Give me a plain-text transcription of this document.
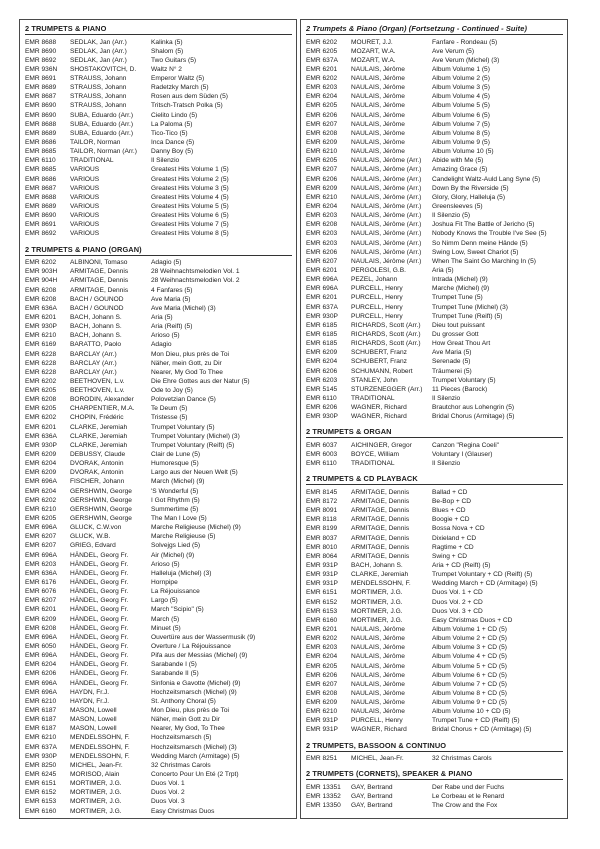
2 TRUMPETS & PIANO
EMR 8688	SEDLAK, Jan (Arr.)	Kalinka (5)
EMR 8690	SEDLAK, Jan (Arr.)	Shalom (5)
EMR 8692	SEDLAK, Jan (Arr.)	Two Guitars (5)
EMR 936N	SHOSTAKOVITCH, D.	Waltz N° 2
EMR 8691	STRAUSS, Johann	Emperor Waltz (5)
EMR 8689	STRAUSS, Johann	Radetzky March (5)
EMR 8687	STRAUSS, Johann	Rosen aus dem Süden (5)
EMR 8690	STRAUSS, Johann	Tritsch-Tratsch Polka (5)
EMR 8690	SUBA, Eduardo (Arr.)	Cielito Lindo (5)
EMR 8688	SUBA, Eduardo (Arr.)	La Paloma (5)
EMR 8689	SUBA, Eduardo (Arr.)	Tico-Tico (5)
EMR 8686	TAILOR, Norman	Inca Dance (5)
EMR 8685	TAILOR, Norman (Arr.)	Danny Boy (5)
EMR 6110	TRADITIONAL	Il Silenzio
EMR 8685	VARIOUS	Greatest Hits Volume 1 (5)
EMR 8686	VARIOUS	Greatest Hits Volume 2 (5)
EMR 8687	VARIOUS	Greatest Hits Volume 3 (5)
EMR 8688	VARIOUS	Greatest Hits Volume 4 (5)
EMR 8689	VARIOUS	Greatest Hits Volume 5 (5)
EMR 8690	VARIOUS	Greatest Hits Volume 6 (5)
EMR 8691	VARIOUS	Greatest Hits Volume 7 (5)
EMR 8692	VARIOUS	Greatest Hits Volume 8 (5)
2 TRUMPETS & PIANO (ORGAN)
EMR 6202	ALBINONI, Tomaso	Adagio (5)
EMR 903H	ARMITAGE, Dennis	28 Weihnachtsmelodien Vol. 1
EMR 904H	ARMITAGE, Dennis	28 Weihnachtsmelodien Vol. 2
EMR 6208	ARMITAGE, Dennis	4 Fanfares (5)
EMR 6208	BACH / GOUNOD	Ave Maria (5)
EMR 636A	BACH / GOUNOD	Ave Maria (Michel) (3)
EMR 6201	BACH, Johann S.	Aria (5)
EMR 930P	BACH, Johann S.	Aria (Reift) (5)
EMR 6210	BACH, Johann S.	Arioso (5)
EMR 6169	BARATTO, Paolo	Adagio
EMR 6228	BARCLAY (Arr.)	Mon Dieu, plus près de Toi
EMR 6228	BARCLAY (Arr.)	Näher, mein Gott, zu Dir
EMR 6228	BARCLAY (Arr.)	Nearer, My God To Thee
EMR 6202	BEETHOVEN, L.v.	Die Ehre Gottes aus der Natur (5)
EMR 6205	BEETHOVEN, L.v.	Ode to Joy (5)
EMR 6208	BORODIN, Alexander	Polovetzian Dance (5)
EMR 6205	CHARPENTIER, M.A.	Te Deum (5)
EMR 6202	CHOPIN, Frédéric	Tristesse (5)
EMR 6201	CLARKE, Jeremiah	Trumpet Voluntary (5)
EMR 636A	CLARKE, Jeremiah	Trumpet Voluntary (Michel) (3)
EMR 930P	CLARKE, Jeremiah	Trumpet Voluntary (Reift) (5)
EMR 6209	DEBUSSY, Claude	Clair de Lune (5)
EMR 6204	DVORAK, Antonin	Humoresque (5)
EMR 6209	DVORAK, Antonin	Largo aus der Neuen Welt (5)
EMR 696A	FISCHER, Johann	March (Michel) (9)
EMR 6204	GERSHWIN, George	'S Wonderful (5)
EMR 6202	GERSHWIN, George	I Got Rhythm (5)
EMR 6210	GERSHWIN, George	Summertime (5)
EMR 6205	GERSHWIN, George	The Man I Love (5)
EMR 696A	GLUCK, C.W.von	Marche Religieuse (Michel) (9)
EMR 6207	GLUCK, W.B.	Marche Religieuse (5)
EMR 6207	GRIEG, Edvard	Solvejgs Lied (5)
EMR 696A	HÄNDEL, Georg Fr.	Air (Michel) (9)
EMR 6203	HÄNDEL, Georg Fr.	Arioso (5)
EMR 636A	HÄNDEL, Georg Fr.	Halleluja (Michel) (3)
EMR 6176	HÄNDEL, Georg Fr.	Hornpipe
EMR 6076	HÄNDEL, Georg Fr.	La Réjouissance
EMR 6207	HÄNDEL, Georg Fr.	Largo (5)
EMR 6201	HÄNDEL, Georg Fr.	March "Scipio" (5)
EMR 6209	HÄNDEL, Georg Fr.	March (5)
EMR 6208	HÄNDEL, Georg Fr.	Minuet (5)
EMR 696A	HÄNDEL, Georg Fr.	Ouvertüre aus der Wassermusik (9)
EMR 6050	HÄNDEL, Georg Fr.	Overture / La Réjouissance
EMR 696A	HÄNDEL, Georg Fr.	Pifa aus der Messias (Michel) (9)
EMR 6204	HÄNDEL, Georg Fr.	Sarabande I (5)
EMR 6206	HÄNDEL, Georg Fr.	Sarabande II (5)
EMR 696A	HÄNDEL, Georg Fr.	Sinfonia e Gavotte (Michel) (9)
EMR 696A	HAYDN, Fr.J.	Hochzeitsmarsch (Michel) (9)
EMR 6210	HAYDN, Fr.J.	St. Anthony Choral (5)
EMR 6187	MASON, Lowell	Mon Dieu, plus près de Toi
EMR 6187	MASON, Lowell	Näher, mein Gott zu Dir
EMR 6187	MASON, Lowell	Nearer, My God, To Thee
EMR 6210	MENDELSSOHN, F.	Hochzeitsmarsch (5)
EMR 637A	MENDELSSOHN, F.	Hochzeitsmarsch (Michel) (3)
EMR 930P	MENDELSSOHN, F.	Wedding March (Armitage) (5)
EMR 8250	MICHEL, Jean-Fr.	32 Christmas Carols
EMR 6245	MORISOD, Alain	Concerto Pour Un Eté (2 Trpt)
EMR 6151	MORTIMER, J.G.	Duos Vol. 1
EMR 6152	MORTIMER, J.G.	Duos Vol. 2
EMR 6153	MORTIMER, J.G.	Duos Vol. 3
EMR 6160	MORTIMER, J.G.	Easy Christmas Duos
2 Trumpets & Piano (Organ) (Fortsetzung - Continued - Suite)
EMR 6202	MOURET, J.J.	Fanfare - Rondeau (5)
EMR 6205	MOZART, W.A.	Ave Verum (5)
EMR 637A	MOZART, W.A.	Ave Verum (Michel) (3)
EMR 6201	NAULAIS, Jérôme	Album Volume 1 (5)
EMR 6202	NAULAIS, Jérôme	Album Volume 2 (5)
EMR 6203	NAULAIS, Jérôme	Album Volume 3 (5)
EMR 6204	NAULAIS, Jérôme	Album Volume 4 (5)
EMR 6205	NAULAIS, Jérôme	Album Volume 5 (5)
EMR 6206	NAULAIS, Jérôme	Album Volume 6 (5)
EMR 6207	NAULAIS, Jérôme	Album Volume 7 (5)
EMR 6208	NAULAIS, Jérôme	Album Volume 8 (5)
EMR 6209	NAULAIS, Jérôme	Album Volume 9 (5)
EMR 6210	NAULAIS, Jérôme	Album Volume 10 (5)
EMR 6205	NAULAIS, Jérôme (Arr.)	Abide with Me (5)
EMR 6207	NAULAIS, Jérôme (Arr.)	Amazing Grace (5)
EMR 6206	NAULAIS, Jérôme (Arr.)	Candelight Waltz-Auld Lang Syne (5)
EMR 6209	NAULAIS, Jérôme (Arr.)	Down By the Riverside (5)
EMR 6210	NAULAIS, Jérôme (Arr.)	Glory, Glory, Halleluja (5)
EMR 6204	NAULAIS, Jérôme (Arr.)	Greensleeves (5)
EMR 6203	NAULAIS, Jérôme (Arr.)	Il Silenzio (5)
EMR 6208	NAULAIS, Jérôme (Arr.)	Joshua Fit The Battle of Jericho (5)
EMR 6203	NAULAIS, Jérôme (Arr.)	Nobody Knows the Trouble I've See (5)
EMR 6203	NAULAIS, Jérôme (Arr.)	So Nimm Denn meine Hände (5)
EMR 6206	NAULAIS, Jérôme (Arr.)	Swing Low, Sweet Chariot (5)
EMR 6207	NAULAIS, Jérôme (Arr.)	When The Saint Go Marching In (5)
EMR 6201	PERGOLESI, G.B.	Aria (5)
EMR 696A	PEZEL, Johann	Intrada (Michel) (9)
EMR 696A	PURCELL, Henry	Marche (Michel) (9)
EMR 6201	PURCELL, Henry	Trumpet Tune (5)
EMR 637A	PURCELL, Henry	Trumpet Tune (Michel) (3)
EMR 930P	PURCELL, Henry	Trumpet Tune (Reift) (5)
EMR 6185	RICHARDS, Scott (Arr.)	Dieu tout puissant
EMR 6185	RICHARDS, Scott (Arr.)	Du grosser Gott
EMR 6185	RICHARDS, Scott (Arr.)	How Great Thou Art
EMR 6209	SCHUBERT, Franz	Ave Maria (5)
EMR 6204	SCHUBERT, Franz	Serenade (5)
EMR 6206	SCHUMANN, Robert	Träumerei (5)
EMR 6203	STANLEY, John	Trumpet Voluntary (5)
EMR 5145	STURZENEGGER (Arr.)	11 Pieces (Barock)
EMR 6110	TRADITIONAL	Il Silenzio
EMR 6206	WAGNER, Richard	Brautchor aus Lohengrin (5)
EMR 930P	WAGNER, Richard	Bridal Chorus (Armitage) (5)
2 TRUMPETS & ORGAN
EMR 6037	AICHINGER, Gregor	Canzon "Regina Coeli"
EMR 6003	BOYCE, William	Voluntary I (Glauser)
EMR 6110	TRADITIONAL	Il Silenzio
2 TRUMPETS & CD PLAYBACK
EMR 8145	ARMITAGE, Dennis	Ballad + CD
EMR 8172	ARMITAGE, Dennis	Be-Bop + CD
EMR 8091	ARMITAGE, Dennis	Blues + CD
EMR 8118	ARMITAGE, Dennis	Boogie + CD
EMR 8199	ARMITAGE, Dennis	Bossa Nova + CD
EMR 8037	ARMITAGE, Dennis	Dixieland + CD
EMR 8010	ARMITAGE, Dennis	Ragtime + CD
EMR 8064	ARMITAGE, Dennis	Swing + CD
EMR 931P	BACH, Johann S.	Aria + CD (Reift) (5)
EMR 931P	CLARKE, Jeremiah	Trumpet Voluntary + CD (Reift) (5)
EMR 931P	MENDELSSOHN, F.	Wedding March + CD (Armitage) (5)
EMR 6151	MORTIMER, J.G.	Duos Vol. 1 + CD
EMR 6152	MORTIMER, J.G.	Duos Vol. 2 + CD
EMR 6153	MORTIMER, J.G.	Duos Vol. 3 + CD
EMR 6160	MORTIMER, J.G.	Easy Christmas Duos + CD
EMR 6201	NAULAIS, Jérôme	Album Volume 1 + CD (5)
EMR 6202	NAULAIS, Jérôme	Album Volume 2 + CD (5)
EMR 6203	NAULAIS, Jérôme	Album Volume 3 + CD (5)
EMR 6204	NAULAIS, Jérôme	Album Volume 4 + CD (5)
EMR 6205	NAULAIS, Jérôme	Album Volume 5 + CD (5)
EMR 6206	NAULAIS, Jérôme	Album Volume 6 + CD (5)
EMR 6207	NAULAIS, Jérôme	Album Volume 7 + CD (5)
EMR 6208	NAULAIS, Jérôme	Album Volume 8 + CD (5)
EMR 6209	NAULAIS, Jérôme	Album Volume 9 + CD (5)
EMR 6210	NAULAIS, Jérôme	Album Volume 10 + CD (5)
EMR 931P	PURCELL, Henry	Trumpet Tune + CD (Reift) (5)
EMR 931P	WAGNER, Richard	Bridal Chorus + CD (Armitage) (5)
2 TRUMPETS, BASSOON & CONTINUO
EMR 8251	MICHEL, Jean-Fr.	32 Christmas Carols
2 TRUMPETS (CORNETS), SPEAKER & PIANO
EMR 13351	GAY, Bertrand	Der Rabe und der Fuchs
EMR 13352	GAY, Bertrand	Le Corbeau et le Renard
EMR 13350	GAY, Bertrand	The Crow and the Fox
